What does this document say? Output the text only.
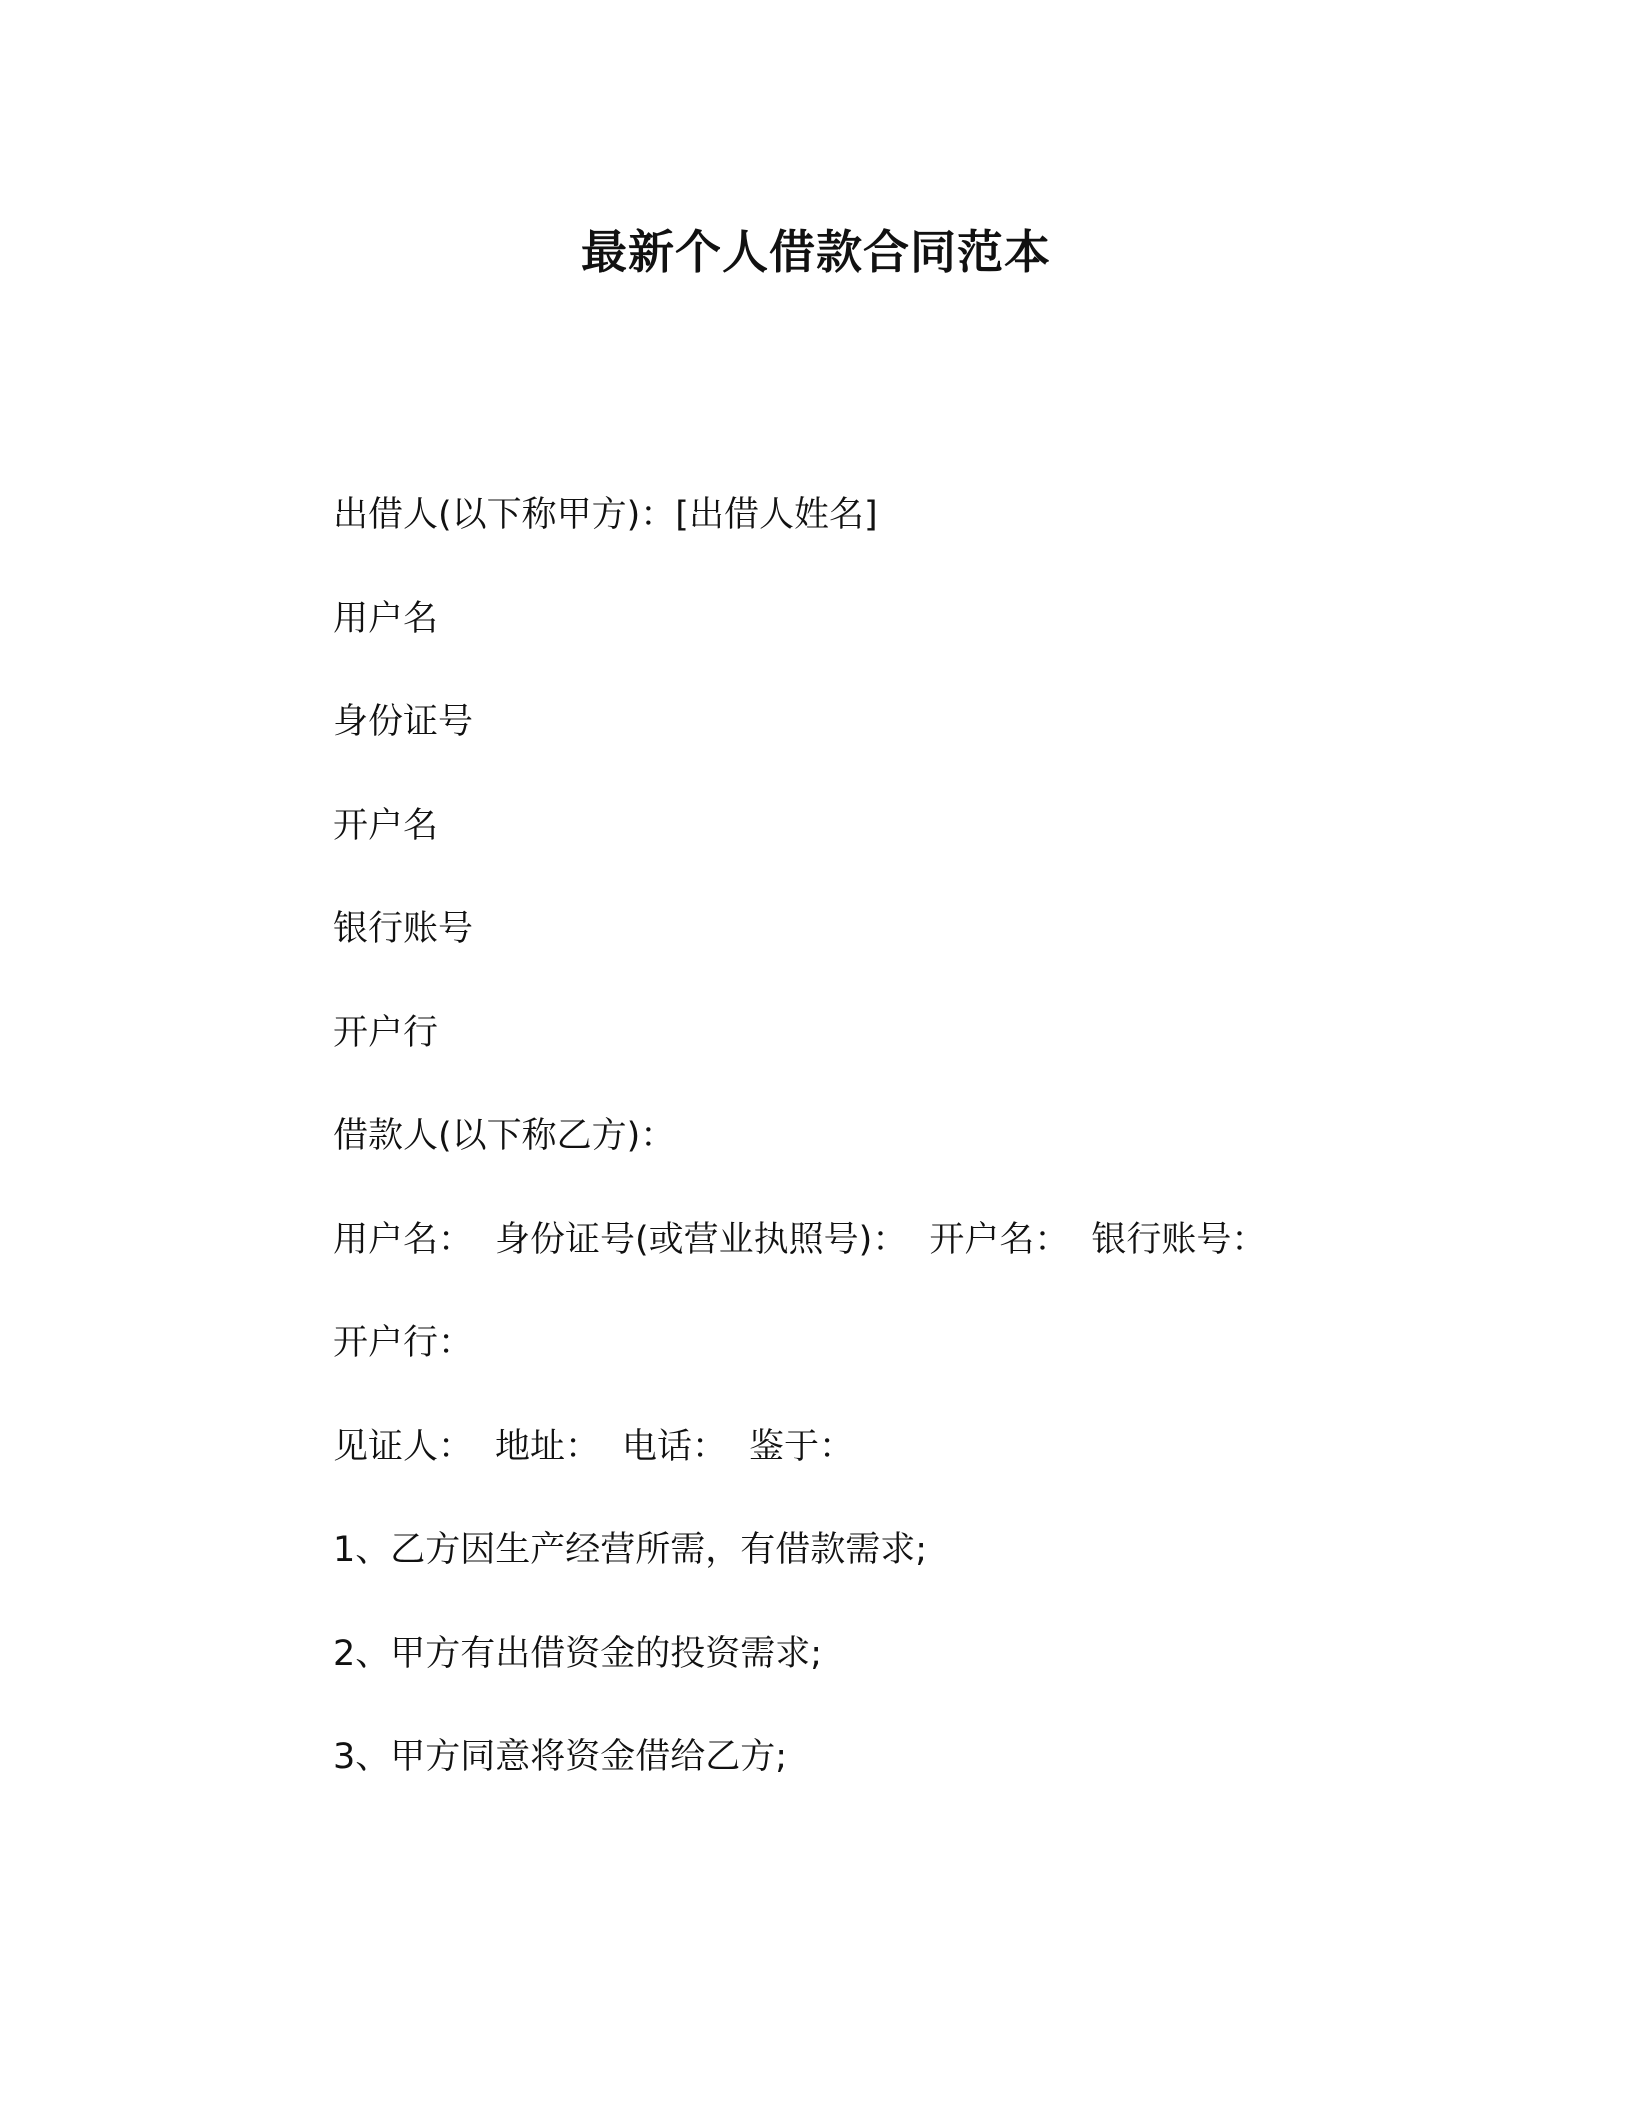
最新个人借款合同范本
出借人(以下称甲方)：[出借人姓名]
用户名
身份证号
开户名
银行账号
开户行
借款人(以下称乙方)：
用户名： 身份证号(或营业执照号)： 开户名： 银行账号：
开户行：
见证人： 地址： 电话： 鉴于：
1、乙方因生产经营所需，有借款需求;
2、甲方有出借资金的投资需求;
3、甲方同意将资金借给乙方;
